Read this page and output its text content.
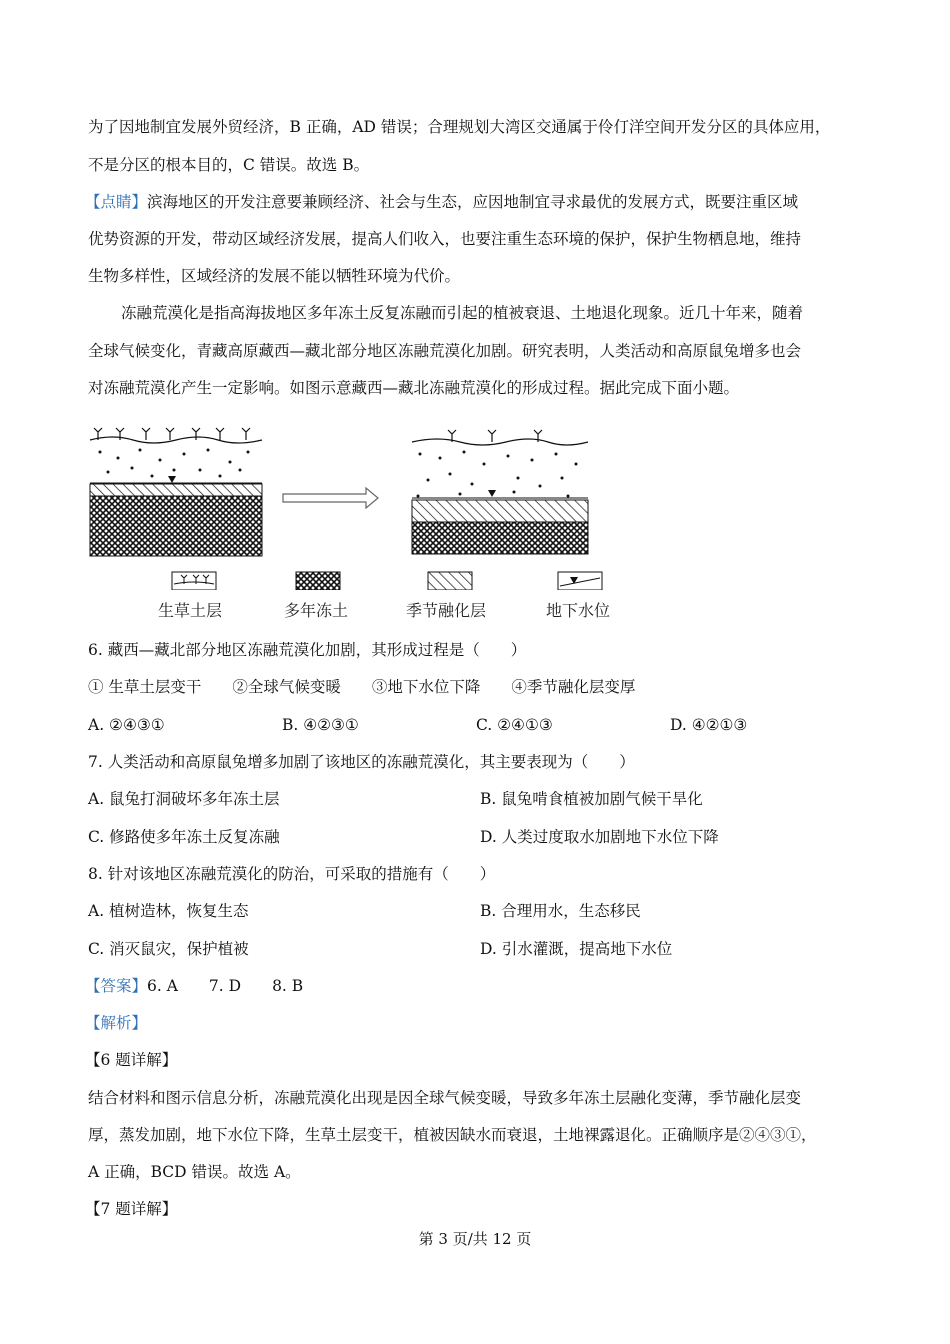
为了因地制宜发展外贸经济，B 正确，AD 错误；合理规划大湾区交通属于伶仃洋空间开发分区的具体应用，
不是分区的根本目的，C 错误。故选 B。
【点睛】滨海地区的开发注意要兼顾经济、社会与生态，应因地制宜寻求最优的发展方式，既要注重区域
优势资源的开发，带动区域经济发展，提高人们收入，也要注重生态环境的保护，保护生物栖息地，维持
生物多样性，区域经济的发展不能以牺牲环境为代价。
冻融荒漠化是指高海拔地区多年冻土反复冻融而引起的植被衰退、土地退化现象。近几十年来，随着
全球气候变化，青藏高原藏西—藏北部分地区冻融荒漠化加剧。研究表明，人类活动和高原鼠兔增多也会
对冻融荒漠化产生一定影响。如图示意藏西—藏北冻融荒漠化的形成过程。据此完成下面小题。
生草土层	多年冻土	季节融化层	地下水位
6. 藏西—藏北部分地区冻融荒漠化加剧，其形成过程是（　　）
① 生草土层变干　　②全球气候变暖　　③地下水位下降　　④季节融化层变厚
A. ②④③①	B. ④②③①	C. ②④①③	D. ④②①③
7. 人类活动和高原鼠兔增多加剧了该地区的冻融荒漠化，其主要表现为（　　）
A. 鼠兔打洞破坏多年冻土层	B. 鼠兔啃食植被加剧气候干旱化
C. 修路使多年冻土反复冻融	D. 人类过度取水加剧地下水位下降
8. 针对该地区冻融荒漠化的防治，可采取的措施有（　　）
A. 植树造林，恢复生态	B. 合理用水，生态移民
C. 消灭鼠灾，保护植被	D. 引水灌溉，提高地下水位
【答案】6. A　　7. D　　8. B
【解析】
【6 题详解】
结合材料和图示信息分析，冻融荒漠化出现是因全球气候变暖，导致多年冻土层融化变薄，季节融化层变
厚，蒸发加剧，地下水位下降，生草土层变干，植被因缺水而衰退，土地裸露退化。正确顺序是②④③①，
A 正确，BCD 错误。故选 A。
【7 题详解】
第 3 页/共 12 页
